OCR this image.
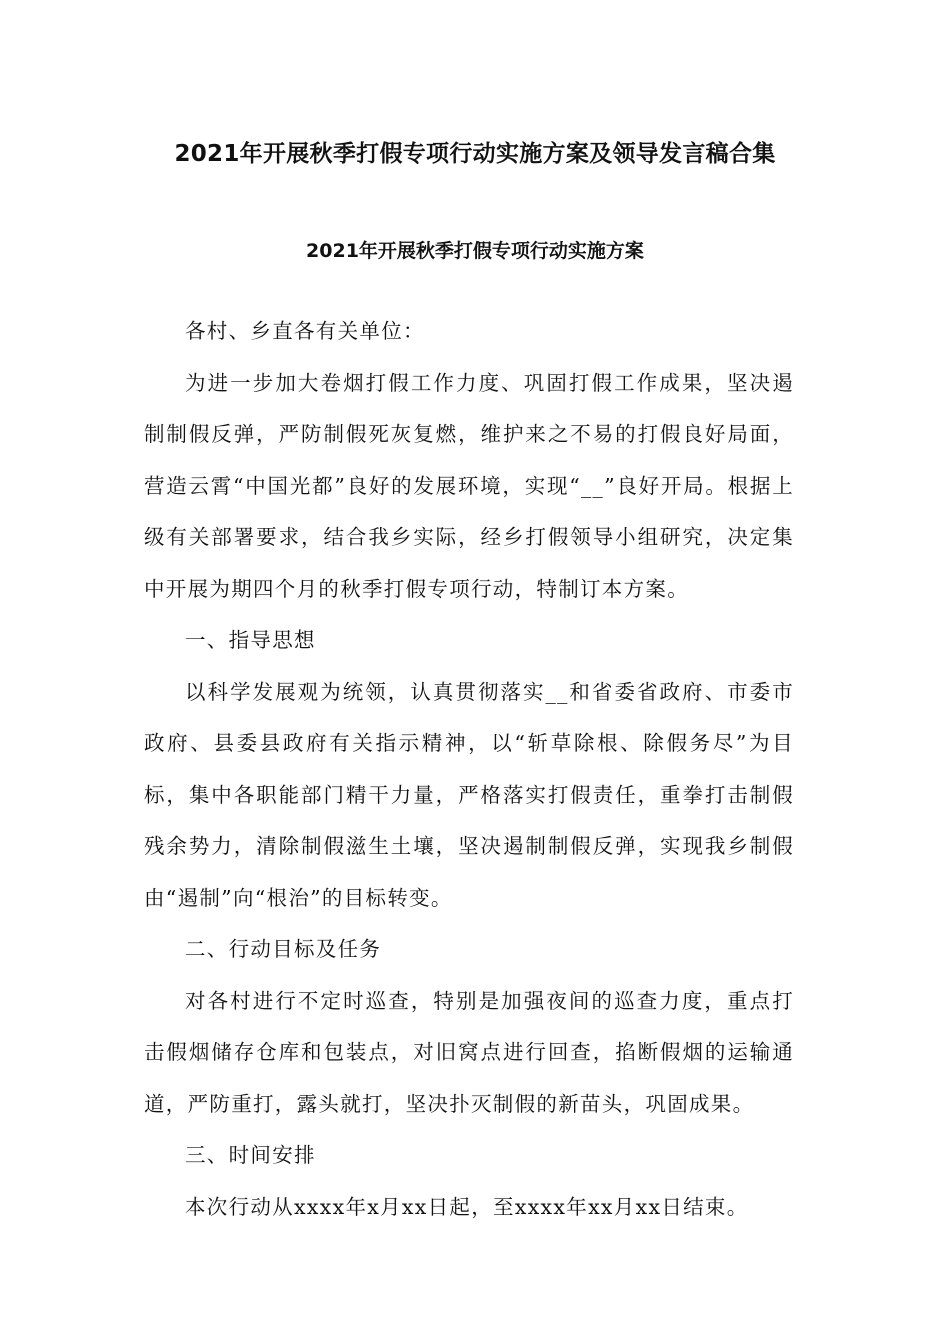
2021年开展秋季打假专项行动实施方案及领导发言稿合集
2021年开展秋季打假专项行动实施方案

各村、乡直各有关单位：

为进一步加大卷烟打假工作力度、巩固打假工作成果，坚决遏制制假反弹，严防制假死灰复燃，维护来之不易的打假良好局面，营造云霄“中国光都”良好的发展环境，实现“__”良好开局。根据上级有关部署要求，结合我乡实际，经乡打假领导小组研究，决定集中开展为期四个月的秋季打假专项行动，特制订本方案。

一、指导思想

以科学发展观为统领，认真贯彻落实__和省委省政府、市委市政府、县委县政府有关指示精神，以“斩草除根、除假务尽”为目标，集中各职能部门精干力量，严格落实打假责任，重拳打击制假残余势力，清除制假滋生土壤，坚决遏制制假反弹，实现我乡制假由“遏制”向“根治”的目标转变。

二、行动目标及任务

对各村进行不定时巡查，特别是加强夜间的巡查力度，重点打击假烟储存仓库和包装点，对旧窝点进行回查，掐断假烟的运输通道，严防重打，露头就打，坚决扑灭制假的新苗头，巩固成果。

三、时间安排

本次行动从xxxx年x月xx日起，至xxxx年xx月xx日结束。
